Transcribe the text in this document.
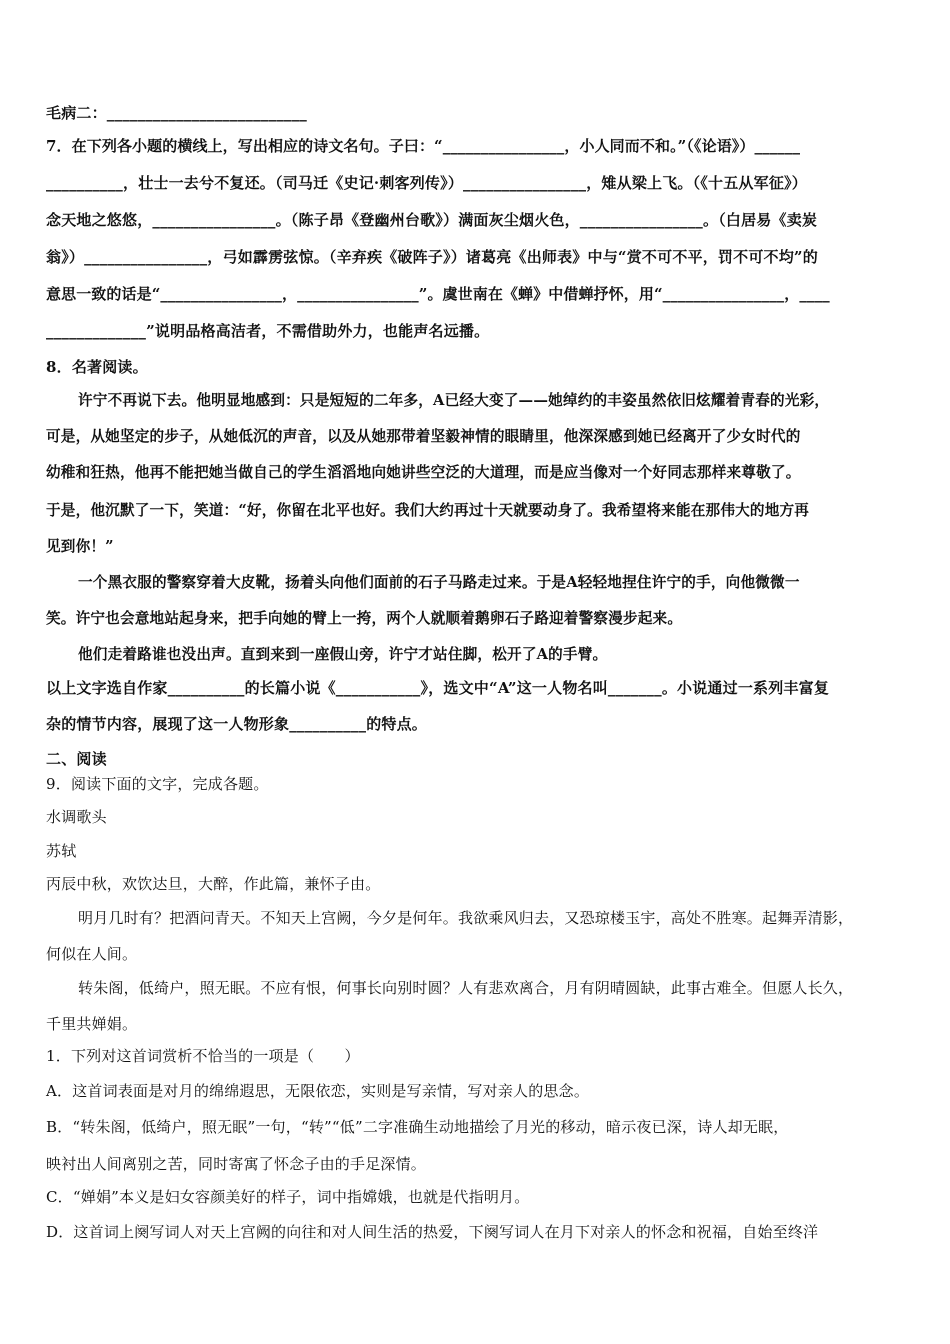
毛病二：__________________________
7．在下列各小题的横线上，写出相应的诗文名句。子曰：“________________，小人同而不和。”（《论语》）______
__________，壮士一去兮不复还。（司马迁《史记·刺客列传》）________________，雉从梁上飞。（《十五从军征》）
念天地之悠悠，________________。（陈子昂《登幽州台歌》）满面灰尘烟火色，________________。（白居易《卖炭
翁》）________________，弓如霹雳弦惊。（辛弃疾《破阵子》）诸葛亮《出师表》中与“赏不可不平，罚不可不均”的
意思一致的话是“________________，________________”。虞世南在《蝉》中借蝉抒怀，用“________________，____
_____________”说明品格高洁者，不需借助外力，也能声名远播。
8．名著阅读。
许宁不再说下去。他明显地感到：只是短短的二年多，A已经大变了——她绰约的丰姿虽然依旧炫耀着青春的光彩，
可是，从她坚定的步子，从她低沉的声音，以及从她那带着坚毅神情的眼睛里，他深深感到她已经离开了少女时代的
幼稚和狂热，他再不能把她当做自己的学生滔滔地向她讲些空泛的大道理，而是应当像对一个好同志那样来尊敬了。
于是，他沉默了一下，笑道：“好，你留在北平也好。我们大约再过十天就要动身了。我希望将来能在那伟大的地方再
见到你！”
一个黑衣服的警察穿着大皮靴，扬着头向他们面前的石子马路走过来。于是A轻轻地捏住许宁的手，向他微微一
笑。许宁也会意地站起身来，把手向她的臂上一挎，两个人就顺着鹅卵石子路迎着警察漫步起来。
他们走着路谁也没出声。直到来到一座假山旁，许宁才站住脚，松开了A的手臂。
以上文字选自作家__________的长篇小说《___________》，选文中“A”这一人物名叫_______。小说通过一系列丰富复
杂的情节内容，展现了这一人物形象__________的特点。
二、阅读
9．阅读下面的文字，完成各题。
水调歌头
苏轼
丙辰中秋，欢饮达旦，大醉，作此篇，兼怀子由。
明月几时有？把酒问青天。不知天上宫阙，今夕是何年。我欲乘风归去，又恐琼楼玉宇，高处不胜寒。起舞弄清影，
何似在人间。
转朱阁，低绮户，照无眠。不应有恨，何事长向别时圆？人有悲欢离合，月有阴晴圆缺，此事古难全。但愿人长久，
千里共婵娟。
1．下列对这首词赏析不恰当的一项是（　　）
A．这首词表面是对月的绵绵遐思，无限依恋，实则是写亲情，写对亲人的思念。
B．“转朱阁，低绮户，照无眠”一句，“转”“低”二字准确生动地描绘了月光的移动，暗示夜已深，诗人却无眠，
映衬出人间离别之苦，同时寄寓了怀念子由的手足深情。
C．“婵娟”本义是妇女容颜美好的样子，词中指嫦娥，也就是代指明月。
D．这首词上阕写词人对天上宫阙的向往和对人间生活的热爱，下阕写词人在月下对亲人的怀念和祝福，自始至终洋
